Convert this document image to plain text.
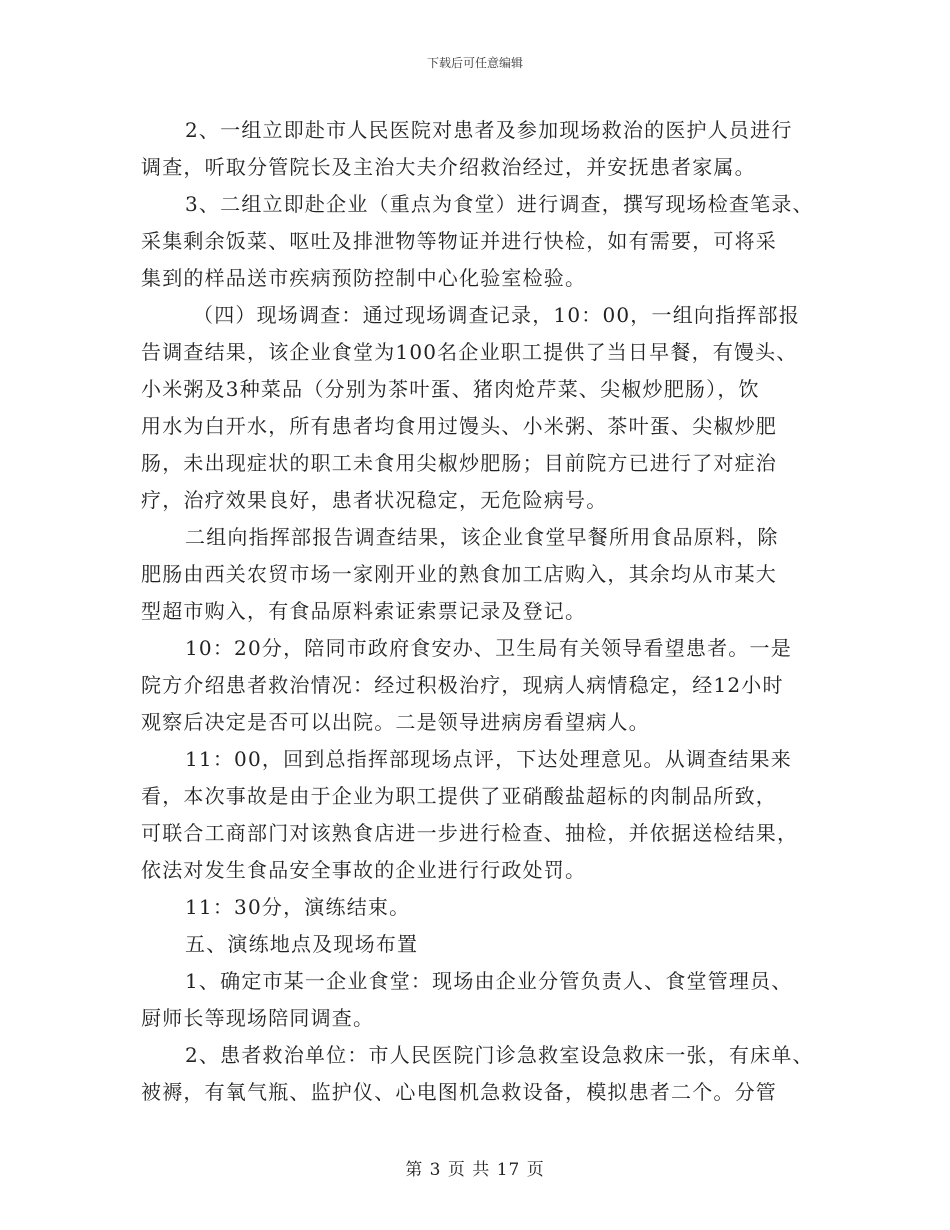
下载后可任意编辑
2、一组立即赴市人民医院对患者及参加现场救治的医护人员进行
调查，听取分管院长及主治大夫介绍救治经过，并安抚患者家属。
3、二组立即赴企业（重点为食堂）进行调查，撰写现场检查笔录、
采集剩余饭菜、呕吐及排泄物等物证并进行快检，如有需要，可将采
集到的样品送市疾病预防控制中心化验室检验。
（四）现场调查：通过现场调查记录，10：00，一组向指挥部报
告调查结果，该企业食堂为100名企业职工提供了当日早餐，有馒头、
小米粥及3种菜品（分别为茶叶蛋、猪肉炝芹菜、尖椒炒肥肠），饮
用水为白开水，所有患者均食用过馒头、小米粥、茶叶蛋、尖椒炒肥
肠，未出现症状的职工未食用尖椒炒肥肠；目前院方已进行了对症治
疗，治疗效果良好，患者状况稳定，无危险病号。
二组向指挥部报告调查结果，该企业食堂早餐所用食品原料，除
肥肠由西关农贸市场一家刚开业的熟食加工店购入，其余均从市某大
型超市购入，有食品原料索证索票记录及登记。
10：20分，陪同市政府食安办、卫生局有关领导看望患者。一是
院方介绍患者救治情况：经过积极治疗，现病人病情稳定，经12小时
观察后决定是否可以出院。二是领导进病房看望病人。
11：00，回到总指挥部现场点评，下达处理意见。从调查结果来
看，本次事故是由于企业为职工提供了亚硝酸盐超标的肉制品所致，
可联合工商部门对该熟食店进一步进行检查、抽检，并依据送检结果，
依法对发生食品安全事故的企业进行行政处罚。
11：30分，演练结束。
五、演练地点及现场布置
1、确定市某一企业食堂：现场由企业分管负责人、食堂管理员、
厨师长等现场陪同调查。
2、患者救治单位：市人民医院门诊急救室设急救床一张，有床单、
被褥，有氧气瓶、监护仪、心电图机急救设备，模拟患者二个。分管
第 3 页 共 17 页
